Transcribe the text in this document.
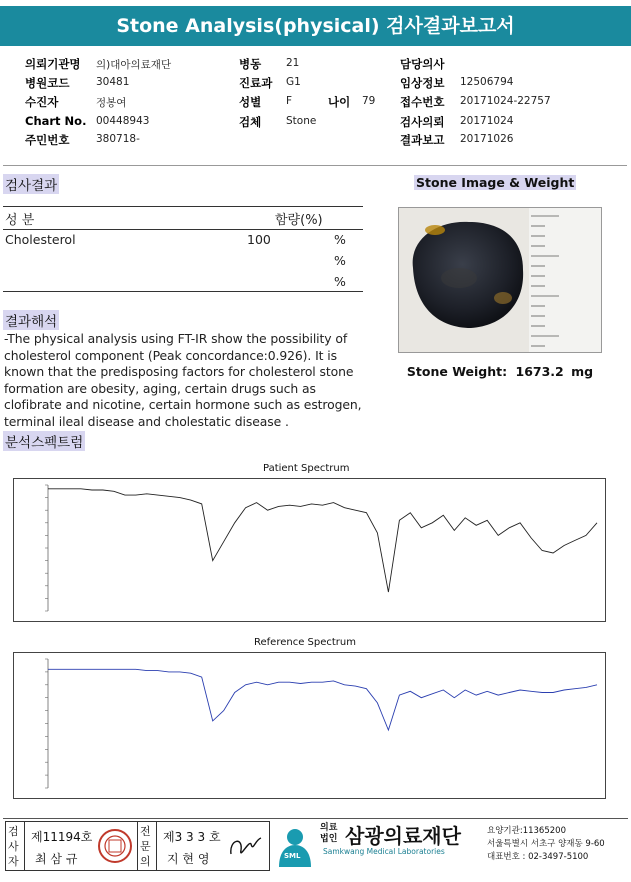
Stone Analysis(physical) 검사결과보고서
의뢰기관명 의)대아의료재단
병원코드	30481
수진자	정봉여
Chart No. 00448943
주민번호	380718-
병동 21
진료과 G1
성별 F	나이 79
검체 Stone
담당의사
임상정보 12506794
접수번호 20171024-22757
검사의뢰 20171024
결과보고 20171026
검사결과
성 분	함량(%)
Cholesterol	100	%
%
%
결과해석
-The physical analysis using FT-IR show the possibility of cholesterol component (Peak concordance:0.926). It is known that the predisposing factors for cholesterol stone formation are obesity, aging, certain drugs such as clofibrate and nicotine, certain hormone such as estrogen, terminal ileal disease and cholestatic disease .
Stone Image & Weight
Stone Weight: 1673.2 mg
분석스펙트럼
Patient Spectrum
Reference Spectrum
검사자
제11194호
최 삼 규
전문의
제3 3 3 호
지 현 영	SML
의료법인 삼광의료재단
Samkwang Medical Laboratories
요양기관:11365200
서울특별시 서초구 양재동 9-60
대표번호 : 02-3497-5100
